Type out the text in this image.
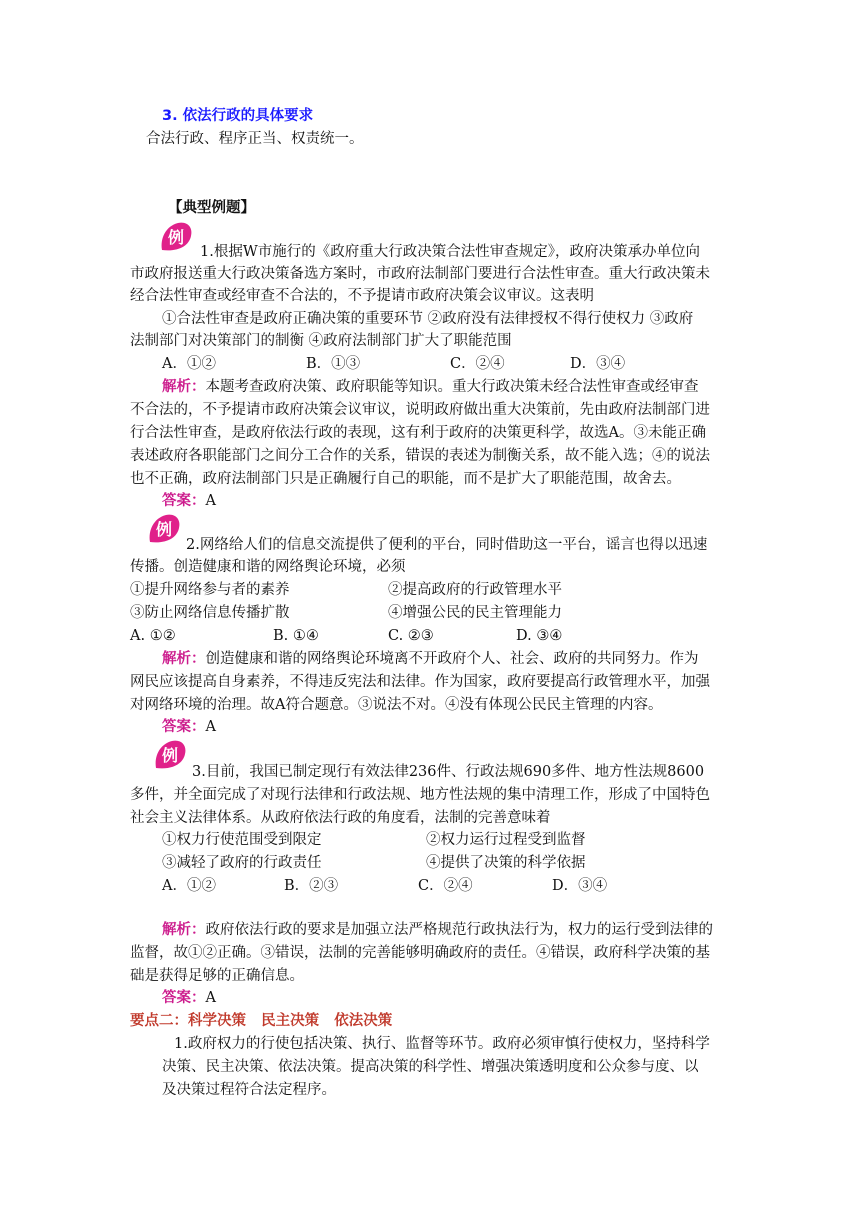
3. 依法行政的具体要求
合法行政、程序正当、权责统一。
【典型例题】
例
1.根据W市施行的《政府重大行政决策合法性审查规定》，政府决策承办单位向
市政府报送重大行政决策备选方案时，市政府法制部门要进行合法性审查。重大行政决策未
经合法性审查或经审查不合法的，不予提请市政府决策会议审议。这表明
①合法性审查是政府正确决策的重要环节 ②政府没有法律授权不得行使权力 ③政府
法制部门对决策部门的制衡 ④政府法制部门扩大了职能范围
A．①②	B．①③	C．②④	D．③④
解析：本题考查政府决策、政府职能等知识。重大行政决策未经合法性审查或经审查
不合法的，不予提请市政府决策会议审议，说明政府做出重大决策前，先由政府法制部门进
行合法性审查，是政府依法行政的表现，这有利于政府的决策更科学，故选A。③未能正确
表述政府各职能部门之间分工合作的关系，错误的表述为制衡关系，故不能入选；④的说法
也不正确，政府法制部门只是正确履行自己的职能，而不是扩大了职能范围，故舍去。
答案：A
例
2.网络给人们的信息交流提供了便利的平台，同时借助这一平台，谣言也得以迅速
传播。创造健康和谐的网络舆论环境，必须
①提升网络参与者的素养	②提高政府的行政管理水平
③防止网络信息传播扩散	④增强公民的民主管理能力
A. ①②	B. ①④	C. ②③	D. ③④
解析：创造健康和谐的网络舆论环境离不开政府个人、社会、政府的共同努力。作为
网民应该提高自身素养，不得违反宪法和法律。作为国家，政府要提高行政管理水平，加强
对网络环境的治理。故A符合题意。③说法不对。④没有体现公民民主管理的内容。
答案：A
例
3.目前，我国已制定现行有效法律236件、行政法规690多件、地方性法规8600
多件，并全面完成了对现行法律和行政法规、地方性法规的集中清理工作，形成了中国特色
社会主义法律体系。从政府依法行政的角度看，法制的完善意味着
①权力行使范围受到限定	②权力运行过程受到监督
③减轻了政府的行政责任	④提供了决策的科学依据
A．①②	B．②③	C．②④	D．③④
解析：政府依法行政的要求是加强立法严格规范行政执法行为，权力的运行受到法律的
监督，故①②正确。③错误，法制的完善能够明确政府的责任。④错误，政府科学决策的基
础是获得足够的正确信息。
答案：A
要点二：科学决策   民主决策   依法决策
1.政府权力的行使包括决策、执行、监督等环节。政府必须审慎行使权力，坚持科学
决策、民主决策、依法决策。提高决策的科学性、增强决策透明度和公众参与度、以
及决策过程符合法定程序。
